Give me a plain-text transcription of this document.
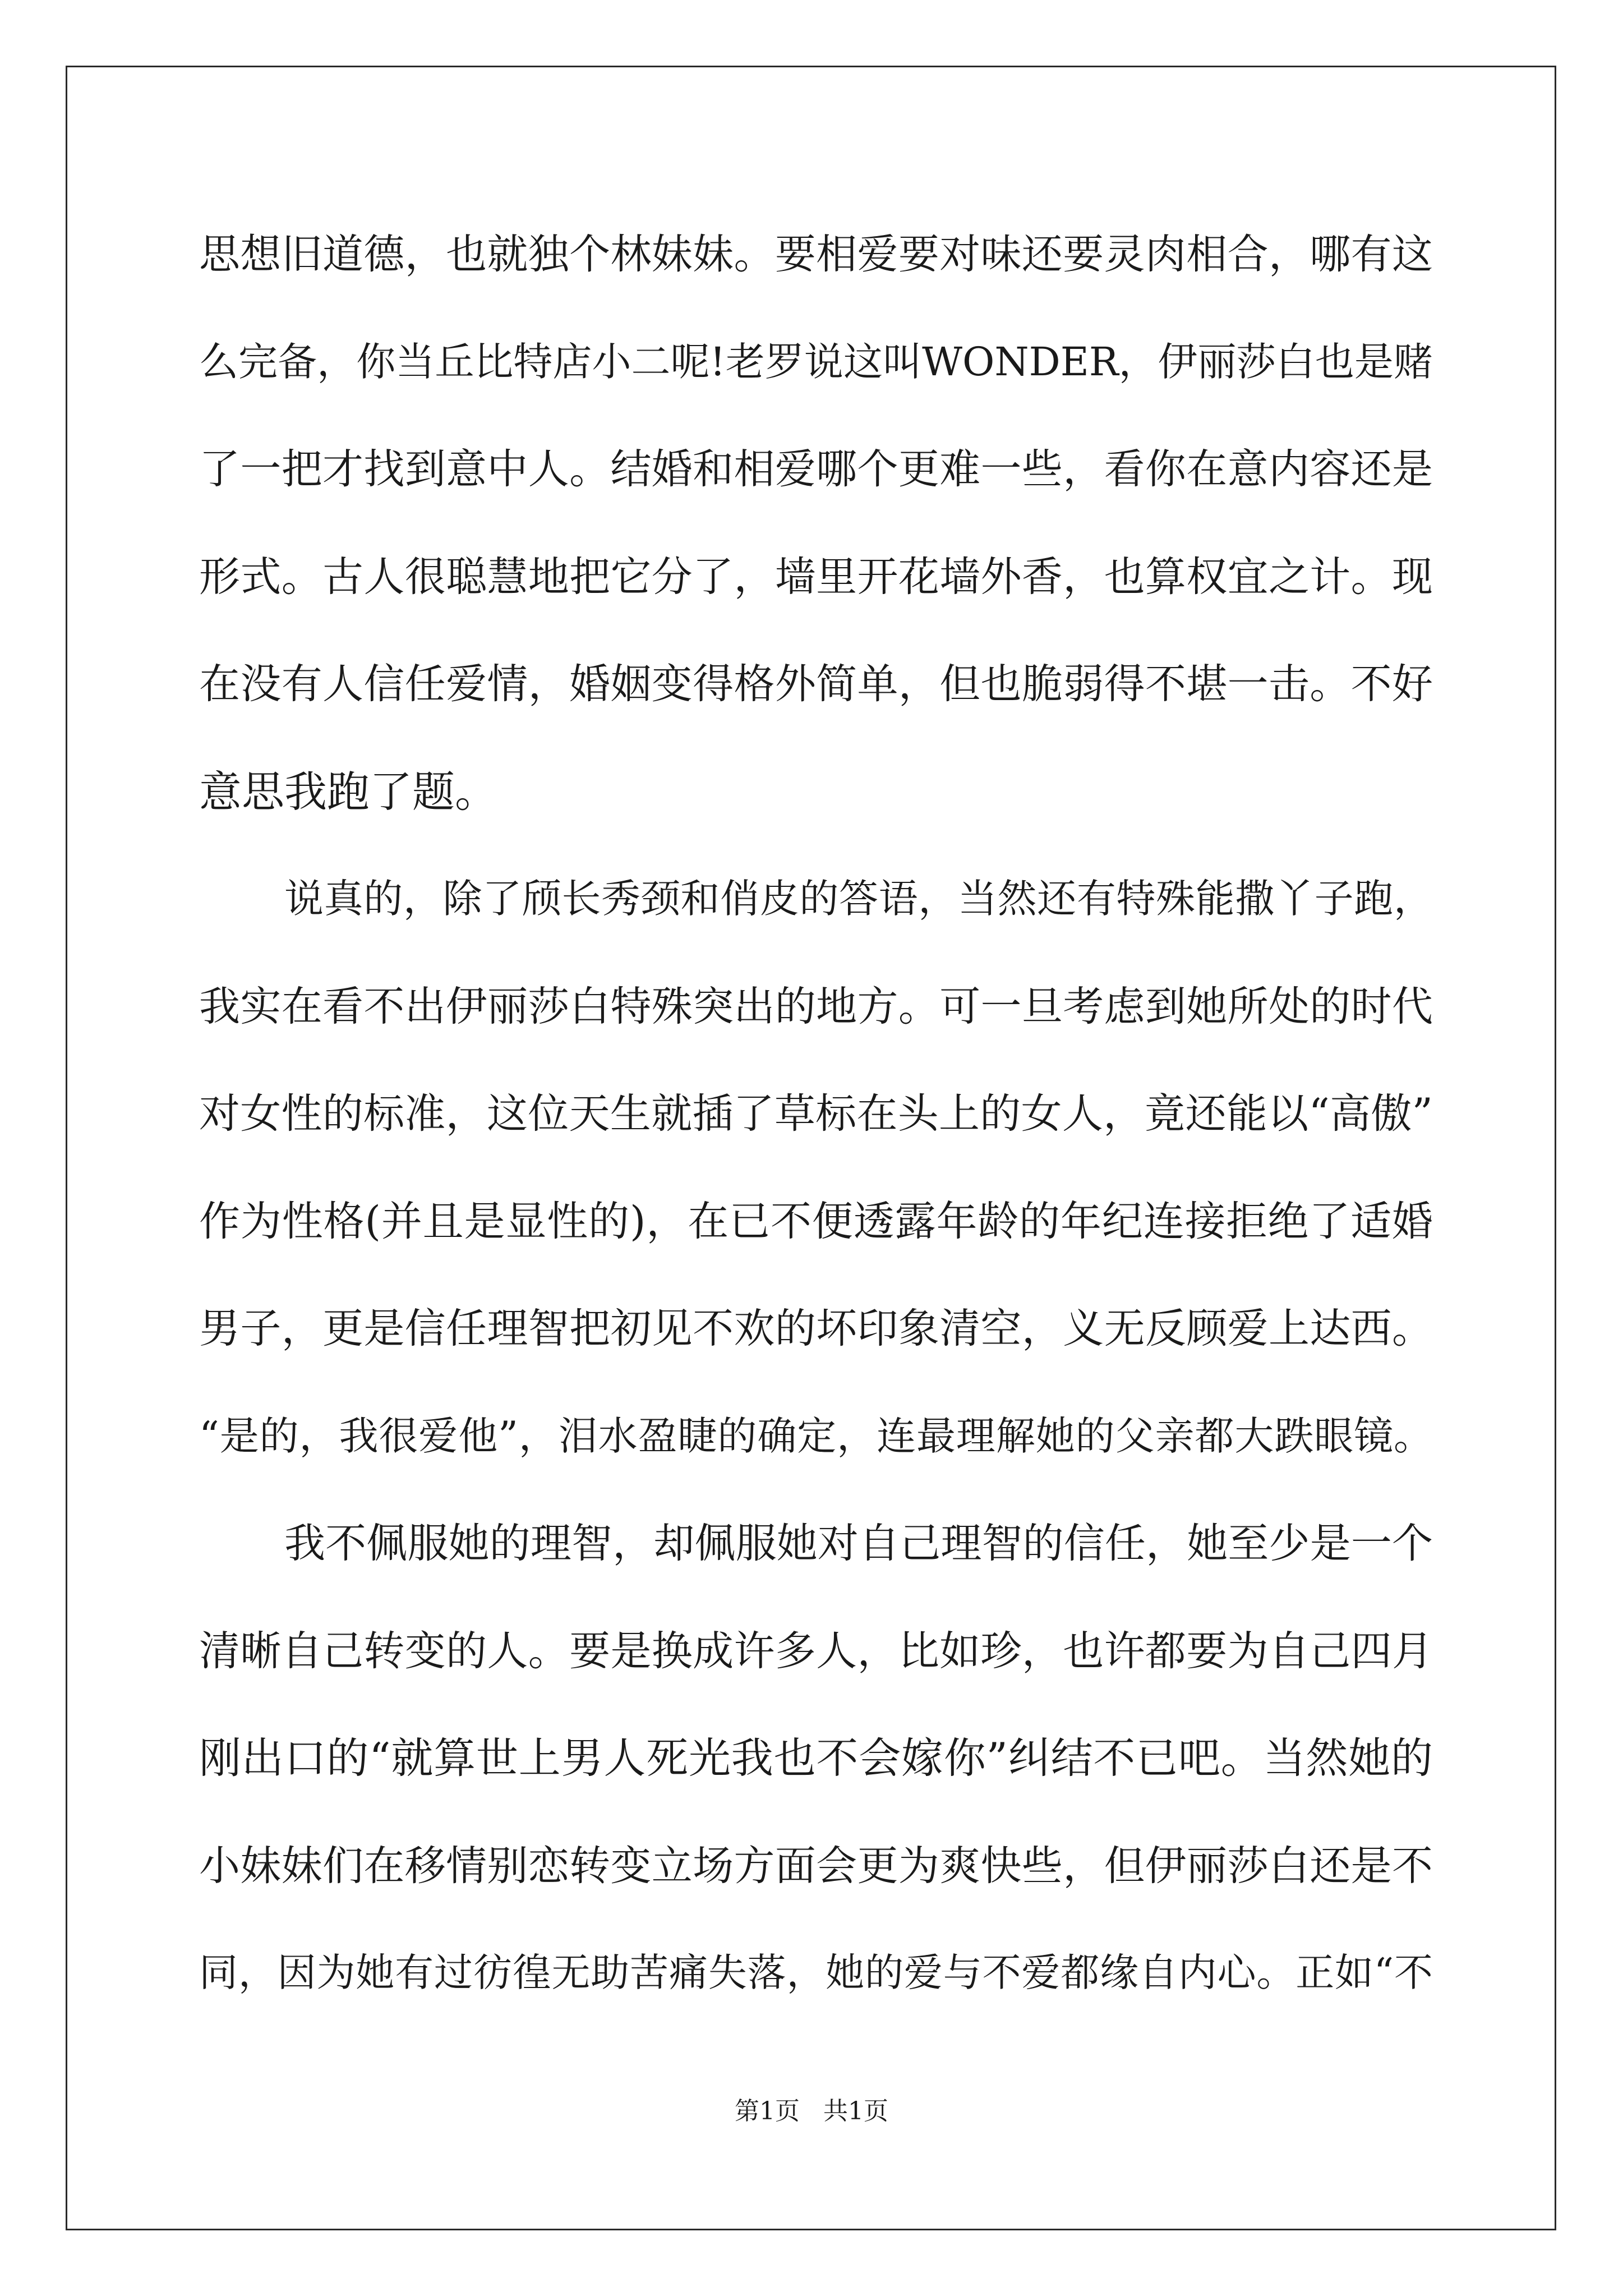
思想旧道德，也就独个林妹妹。要相爱要对味还要灵肉相合，哪有这
么完备，你当丘比特店小二呢!老罗说这叫WONDER，伊丽莎白也是赌
了一把才找到意中人。结婚和相爱哪个更难一些，看你在意内容还是
形式。古人很聪慧地把它分了，墙里开花墙外香，也算权宜之计。现
在没有人信任爱情，婚姻变得格外简单，但也脆弱得不堪一击。不好
意思我跑了题。
说真的，除了颀长秀颈和俏皮的答语，当然还有特殊能撒丫子跑，
我实在看不出伊丽莎白特殊突出的地方。可一旦考虑到她所处的时代
对女性的标准，这位天生就插了草标在头上的女人，竟还能以“高傲”
作为性格(并且是显性的)，在已不便透露年龄的年纪连接拒绝了适婚
男子，更是信任理智把初见不欢的坏印象清空，义无反顾爱上达西。
“是的，我很爱他”，泪水盈睫的确定，连最理解她的父亲都大跌眼镜。
我不佩服她的理智，却佩服她对自己理智的信任，她至少是一个
清晰自己转变的人。要是换成许多人，比如珍，也许都要为自己四月
刚出口的“就算世上男人死光我也不会嫁你”纠结不已吧。当然她的
小妹妹们在移情别恋转变立场方面会更为爽快些，但伊丽莎白还是不
同，因为她有过彷徨无助苦痛失落，她的爱与不爱都缘自内心。正如“不
第1页   共1页
